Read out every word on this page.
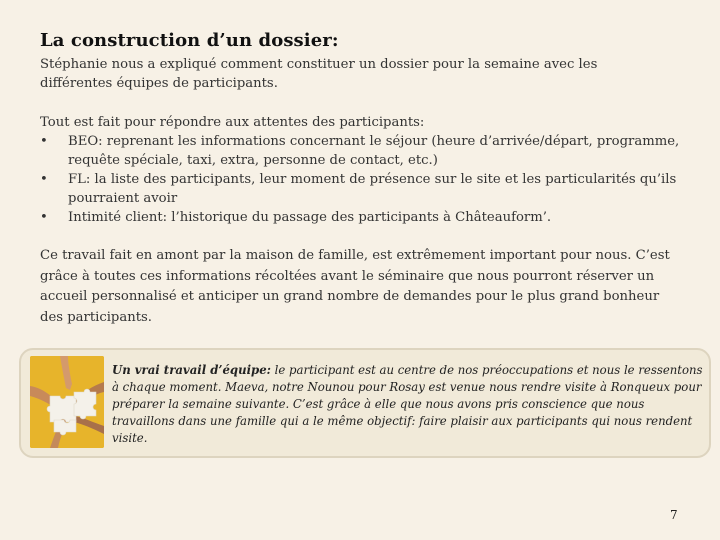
La construction d’un dossier:
Stéphanie nous a expliqué comment constituer un dossier pour la semaine avec les différentes équipes de participants.
Tout est fait pour répondre aux attentes des participants:
• BEO: reprenant les informations concernant le séjour (heure d’arrivée/départ, programme, requête spéciale, taxi, extra, personne de contact, etc.)
• FL: la liste des participants, leur moment de présence sur le site et les particularités qu’ils pourraient avoir
• Intimité client: l’historique du passage des participants à Châteauform’.
Ce travail fait en amont par la maison de famille, est extrêmement important pour nous. C’est grâce à toutes ces informations récoltées avant le séminaire que nous pourront réserver un accueil personnalisé et anticiper un grand nombre de demandes pour le plus grand bonheur des participants.
Un vrai travail d’équipe: le participant est au centre de nos préoccupations et nous le ressentons à chaque moment. Maeva, notre Nounou pour Rosay est venue nous rendre visite à Ronqueux pour préparer la semaine suivante. C’est grâce à elle que nous avons pris conscience que nous travaillons dans une famille qui a le même objectif: faire plaisir aux participants qui nous rendent visite.
7
